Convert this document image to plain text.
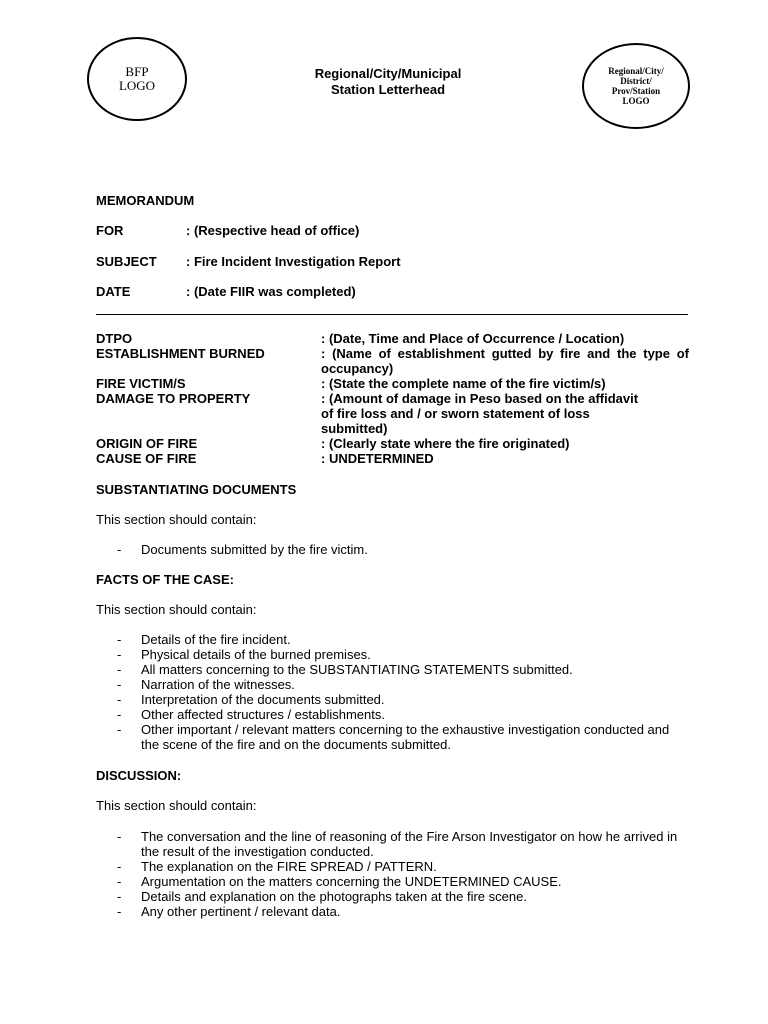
BFP
LOGO
Regional/City/Municipal
Station Letterhead
Regional/City/
District/
Prov/Station
LOGO
MEMORANDUM
FOR	: (Respective head of office)
SUBJECT : Fire Incident Investigation Report
DATE	: (Date FIIR was completed)
DTPO	: (Date, Time and Place of Occurrence / Location)
ESTABLISHMENT BURNED	: (Name of establishment gutted by fire and the type of occupancy)
FIRE VICTIM/S	: (State the complete name of the fire victim/s)
DAMAGE TO PROPERTY	: (Amount of damage in Peso based on the affidavit of fire loss and / or sworn statement of loss submitted)
ORIGIN OF FIRE	: (Clearly state where the fire originated)
CAUSE OF FIRE	: UNDETERMINED
SUBSTANTIATING DOCUMENTS
This section should contain:
- Documents submitted by the fire victim.
FACTS OF THE CASE:
This section should contain:
- Details of the fire incident.
- Physical details of the burned premises.
- All matters concerning to the SUBSTANTIATING STATEMENTS submitted.
- Narration of the witnesses.
- Interpretation of the documents submitted.
- Other affected structures / establishments.
- Other important / relevant matters concerning to the exhaustive investigation conducted and the scene of the fire and on the documents submitted.
DISCUSSION:
This section should contain:
- The conversation and the line of reasoning of the Fire Arson Investigator on how he arrived in the result of the investigation conducted.
- The explanation on the FIRE SPREAD / PATTERN.
- Argumentation on the matters concerning the UNDETERMINED CAUSE.
- Details and explanation on the photographs taken at the fire scene.
- Any other pertinent / relevant data.
